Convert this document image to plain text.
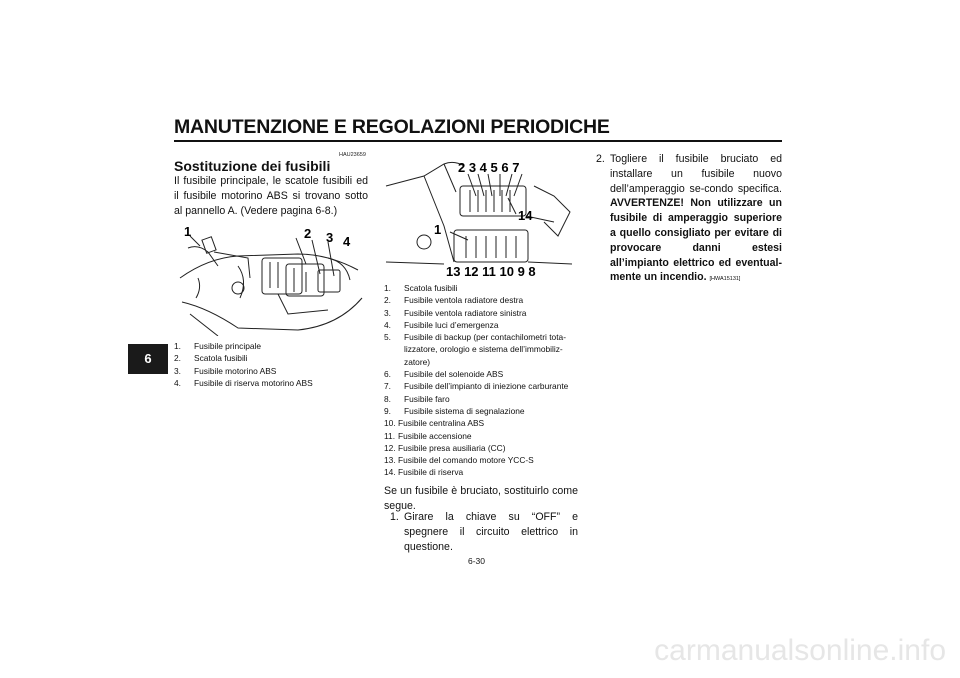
MANUTENZIONE E REGOLAZIONI PERIODICHE
6
HAU23659
Sostituzione dei fusibili
Il fusibile principale, le scatole fusibili ed il fusibile motorino ABS si trovano sotto al pannello A. (Vedere pagina 6-8.)
1	2 3 4
1. Fusibile principale
2. Scatola fusibili
3. Fusibile motorino ABS
4. Fusibile di riserva motorino ABS
2 3 4 5 6 7
14
1
13 12 11 10 9 8
1. Scatola fusibili
2. Fusibile ventola radiatore destra
3. Fusibile ventola radiatore sinistra
4. Fusibile luci d’emergenza
5. Fusibile di backup (per contachilometri tota-lizzatore, orologio e sistema dell’immobiliz-zatore)
6. Fusibile del solenoide ABS
7. Fusibile dell’impianto di iniezione carburante
8. Fusibile faro
9. Fusibile sistema di segnalazione
10. Fusibile centralina ABS
11. Fusibile accensione
12. Fusibile presa ausiliaria (CC)
13. Fusibile del comando motore YCC-S
14. Fusibile di riserva
Se un fusibile è bruciato, sostituirlo come segue.
1. Girare la chiave su “OFF” e spegnere il circuito elettrico in questione.
2. Togliere il fusibile bruciato ed installare un fusibile nuovo dell’amperaggio se-condo specifica. AVVERTENZE! Non utilizzare un fusibile di amperaggio superiore a quello consigliato per evitare di provocare danni estesi all’impianto elettrico ed eventual-mente un incendio. [HWA15131]
6-30
carmanualsonline.info
